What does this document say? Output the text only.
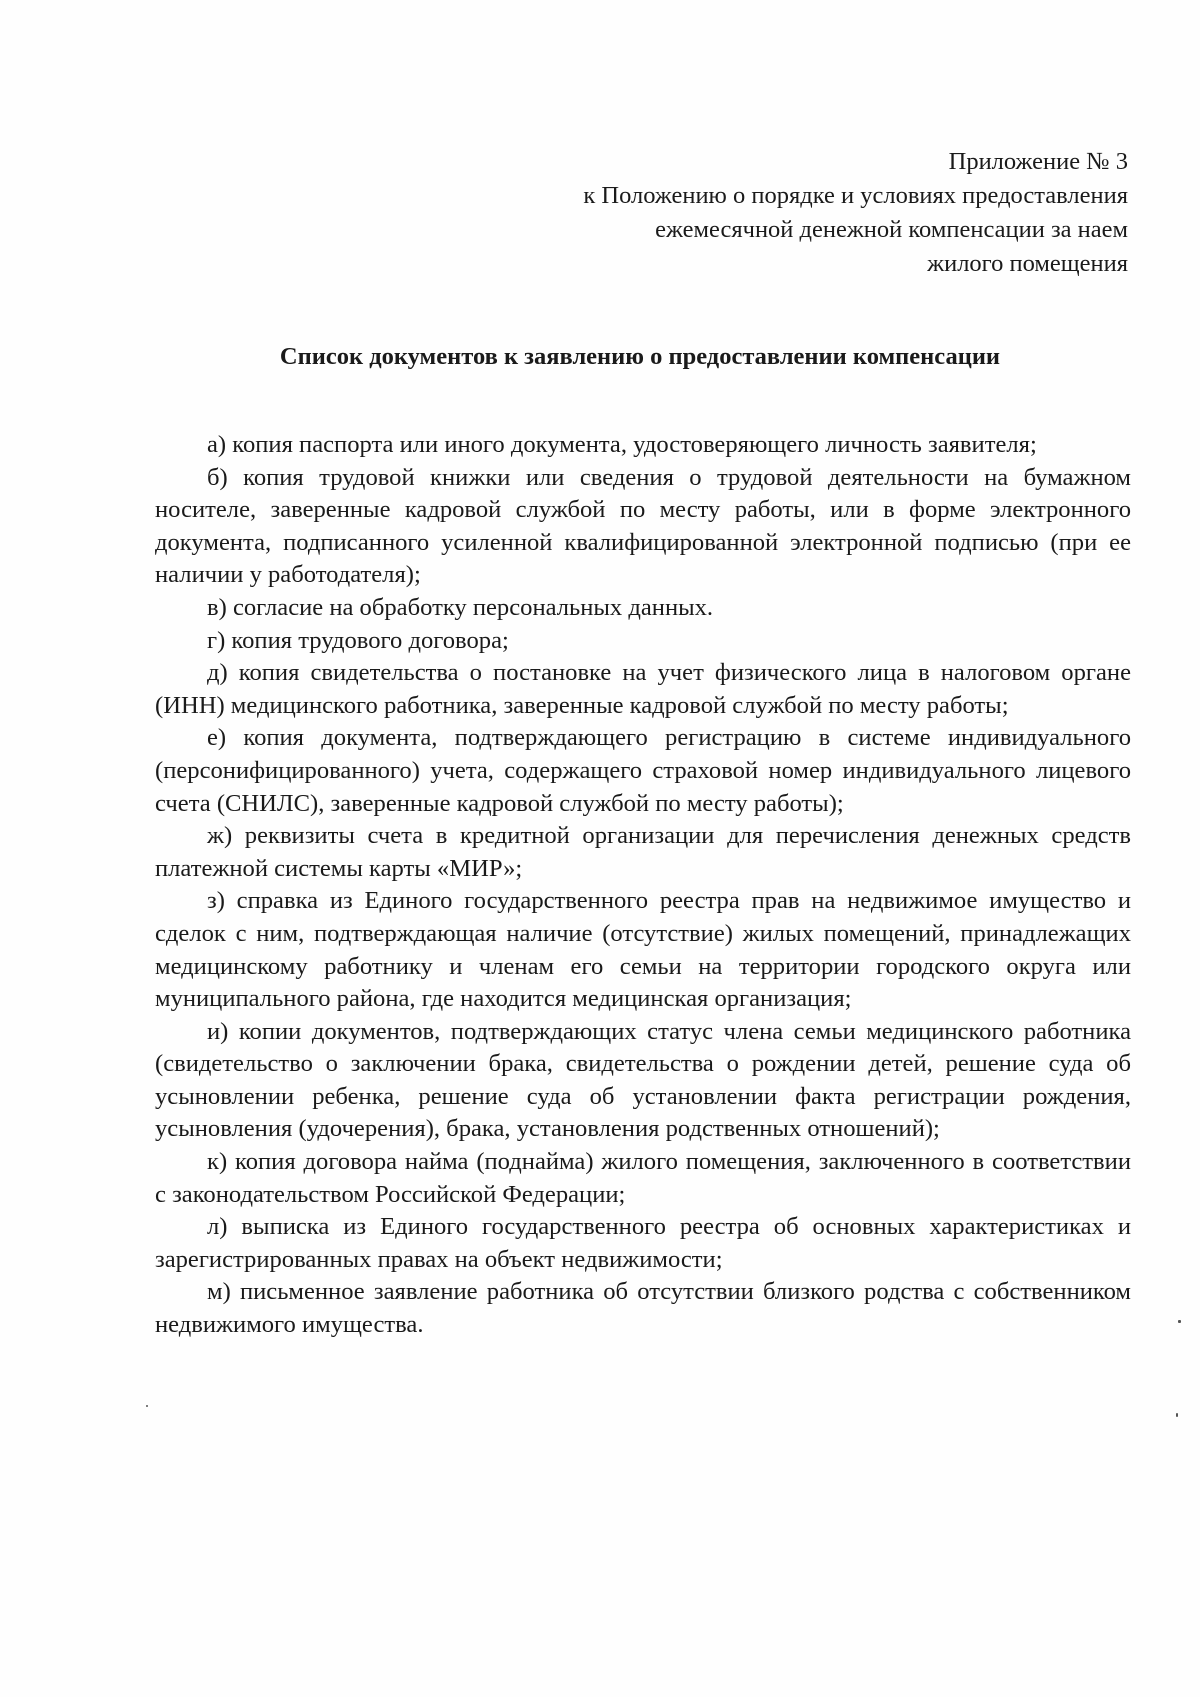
Приложение № 3
к Положению о порядке и условиях предоставления
ежемесячной денежной компенсации за наем
жилого помещения
Список документов к заявлению о предоставлении компенсации

а) копия паспорта или иного документа, удостоверяющего личность заявителя;

б) копия трудовой книжки или сведения о трудовой деятельности на бумажном носителе, заверенные кадровой службой по месту работы, или в форме электронного документа, подписанного усиленной квалифицированной электронной подписью (при ее наличии у работодателя);

в) согласие на обработку персональных данных.

г) копия трудового договора;

д) копия свидетельства о постановке на учет физического лица в налоговом органе (ИНН) медицинского работника, заверенные кадровой службой по месту работы;

е) копия документа, подтверждающего регистрацию в системе индивидуального (персонифицированного) учета, содержащего страховой номер индивидуального лицевого счета (СНИЛС), заверенные кадровой службой по месту работы);

ж) реквизиты счета в кредитной организации для перечисления денежных средств платежной системы карты «МИР»;

з) справка из Единого государственного реестра прав на недвижимое имущество и сделок с ним, подтверждающая наличие (отсутствие) жилых помещений, принадлежащих медицинскому работнику и членам его семьи на территории городского округа или муниципального района, где находится медицинская организация;

и) копии документов, подтверждающих статус члена семьи медицинского работника (свидетельство о заключении брака, свидетельства о рождении детей, решение суда об усыновлении ребенка, решение суда об установлении факта регистрации рождения, усыновления (удочерения), брака, установления родственных отношений);

к) копия договора найма (поднайма) жилого помещения, заключенного в соответствии с законодательством Российской Федерации;

л) выписка из Единого государственного реестра об основных характеристиках и зарегистрированных правах на объект недвижимости;

м) письменное заявление работника об отсутствии близкого родства с собственником недвижимого имущества.
